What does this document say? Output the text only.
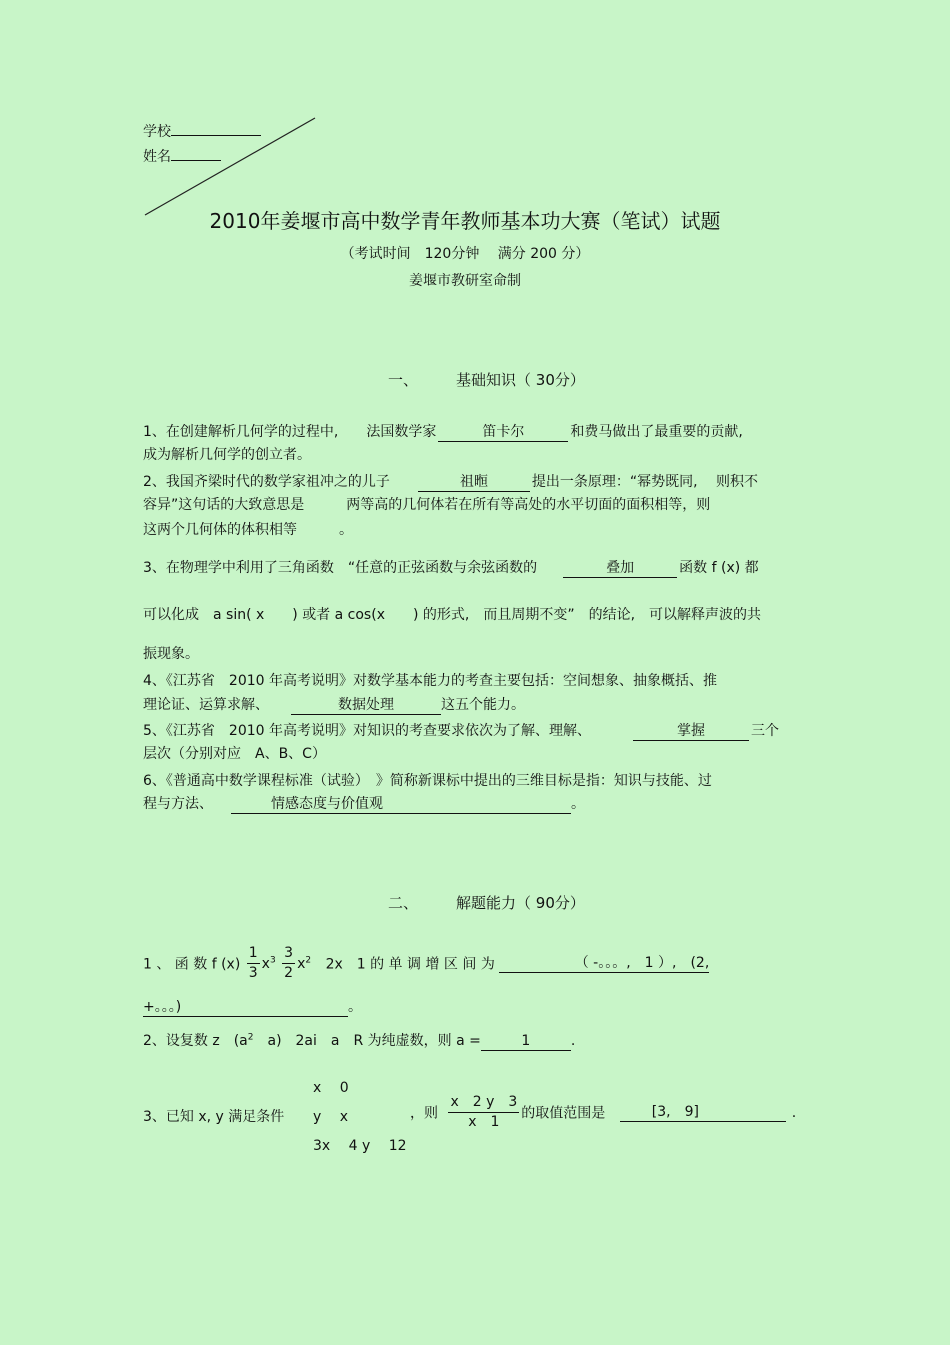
学校
姓名
2010年姜堰市高中数学青年教师基本功大赛（笔试）试题
（考试时间　120分钟　 满分 200 分）
姜堰市教研室命制
一、	基础知识（ 30分）
1、在创建解析几何学的过程中,　　法国数学家	笛卡尔	和费马做出了最重要的贡献,
成为解析几何学的创立者。
2、我国齐梁时代的数学家祖冲之的儿子	祖暅	提出一条原理：“幂势既同,　 则积不
容异”这句话的大致意思是　　　两等高的几何体若在所有等高处的水平切面的面积相等，则
这两个几何体的体积相等　　　。
3、在物理学中利用了三角函数　“任意的正弦函数与余弦函数的	叠加	函数 f (x) 都
可以化成　a sin( x　　) 或者 a cos(x　　) 的形式,　而且周期不变”　的结论,　可以解释声波的共
振现象。
4、《江苏省　2010 年高考说明》对数学基本能力的考查主要包括：空间想象、抽象概括、推
理论证、运算求解、	数据处理	这五个能力。
5、《江苏省　2010 年高考说明》对知识的考查要求依次为了解、理解、	掌握	三个
层次（分别对应　A、B、C）
6、《普通高中数学课程标准（试验）　》简称新课标中提出的三维目标是指：知识与技能、过
程与方法、	情感态度与价值观	。
二、	解题能力（ 90分）
1 、 函 数 f $(x) \frac{1}{3} x^3 \frac{3}{2} x^2$ 2x　1 的 单 调 增 区 间 为	（ -。。。,　1 ）,　(2,
+。。。)	。
2、设复数 z　($a^2$　a)　2ai　a　R 为纯虚数，则 a =	1	.
x　 0
3、已知 x, y 满足条件 y　 x
3x　 4 y　 12
，则 $\frac{x 2 y 3}{x 1}$ 的取值范围是	[3,　9]	.
